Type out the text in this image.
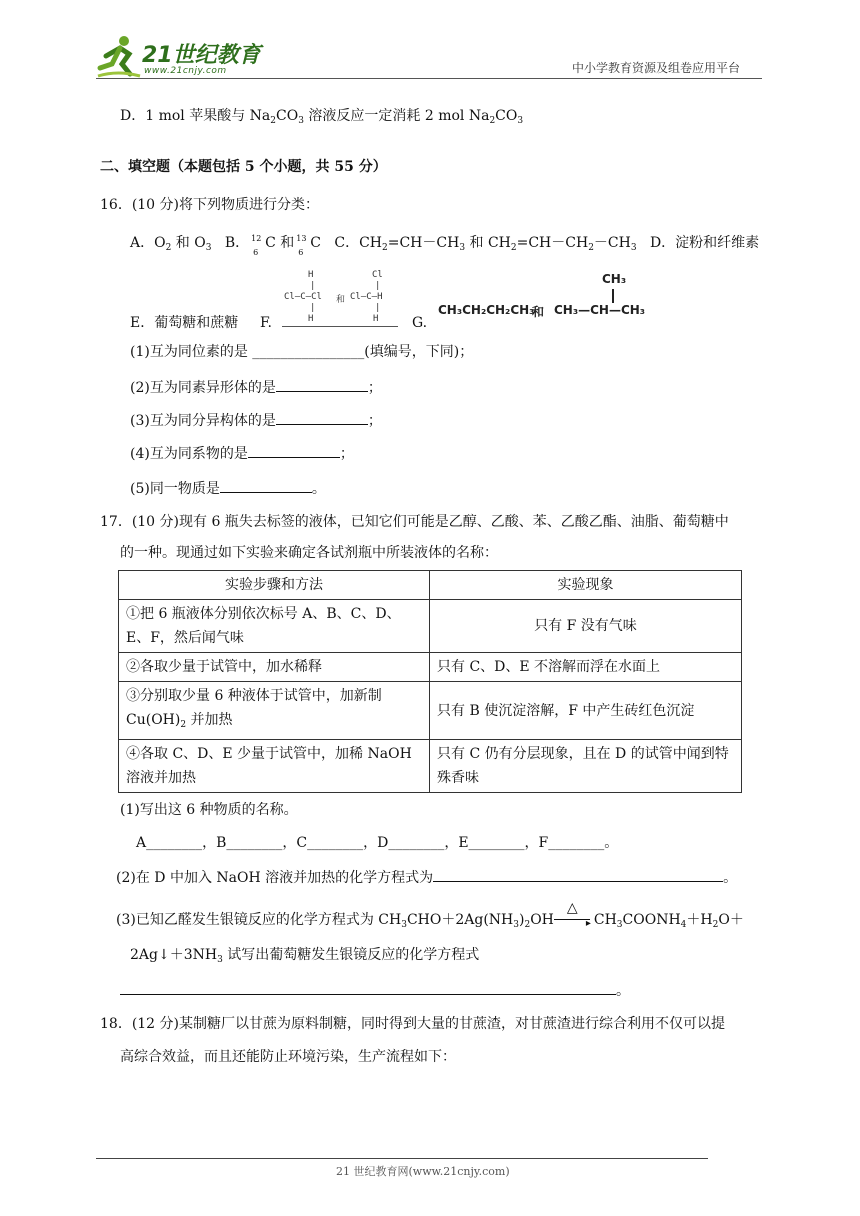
21世纪教育
www.21cnjy.com	中小学教育资源及组卷应用平台
D．1 mol 苹果酸与 $Na_2CO_3$ 溶液反应一定消耗 2 mol $Na_2CO_3$
二、填空题（本题包括 5 个小题，共 55 分）
16．(10 分)将下列物质进行分类：
A．$O_2$ 和 $O_3$ B． 12
6
C 和 13
6
C C．$CH_2=CH-CH_3$ 和 $CH_2=CH-CH_2-CH_3$ D．淀粉和纤维素
E．葡萄糖和蔗糖 F.
H	Cl
|	|
Cl—C—Cl 和 Cl—C—H
|	|
H	H G.
CH₃
CH₃CH₂CH₂CH₃
和 CH₃—CH—CH₃
(1)互为同位素的是 ________________(填编号，下同)；
(2)互为同素异形体的是	；
(3)互为同分异构体的是	；
(4)互为同系物的是	；
(5)同一物质是	。
17．(10 分)现有 6 瓶失去标签的液体，已知它们可能是乙醇、乙酸、苯、乙酸乙酯、油脂、葡萄糖中
的一种。现通过如下实验来确定各试剂瓶中所装液体的名称：
实验步骤和方法	实验现象
①把 6 瓶液体分别依次标号 A、B、C、D、E、F，然后闻气味	只有 F 没有气味
②各取少量于试管中，加水稀释	只有 C、D、E 不溶解而浮在水面上
③分别取少量 6 种液体于试管中，加新制 $Cu(OH)_2$ 并加热	只有 B 使沉淀溶解，F 中产生砖红色沉淀
④各取 C、D、E 少量于试管中，加稀 NaOH 溶液并加热	只有 C 仍有分层现象，且在 D 的试管中闻到特殊香味
(1)写出这 6 种物质的名称。
A________，B________，C________，D________，E________，F________。
(2)在 D 中加入 NaOH 溶液并加热的化学方程式为	。
(3)已知乙醛发生银镜反应的化学方程式为 $CH_3CHO+2Ag(NH_3)_2OH$
△
▸ $CH_3COONH_4+H_2O+$
$2Ag↓+3NH_3$ 试写出葡萄糖发生银镜反应的化学方程式
。
18．(12 分)某制糖厂以甘蔗为原料制糖，同时得到大量的甘蔗渣，对甘蔗渣进行综合利用不仅可以提
高综合效益，而且还能防止环境污染，生产流程如下：
21 世纪教育网(www.21cnjy.com)
